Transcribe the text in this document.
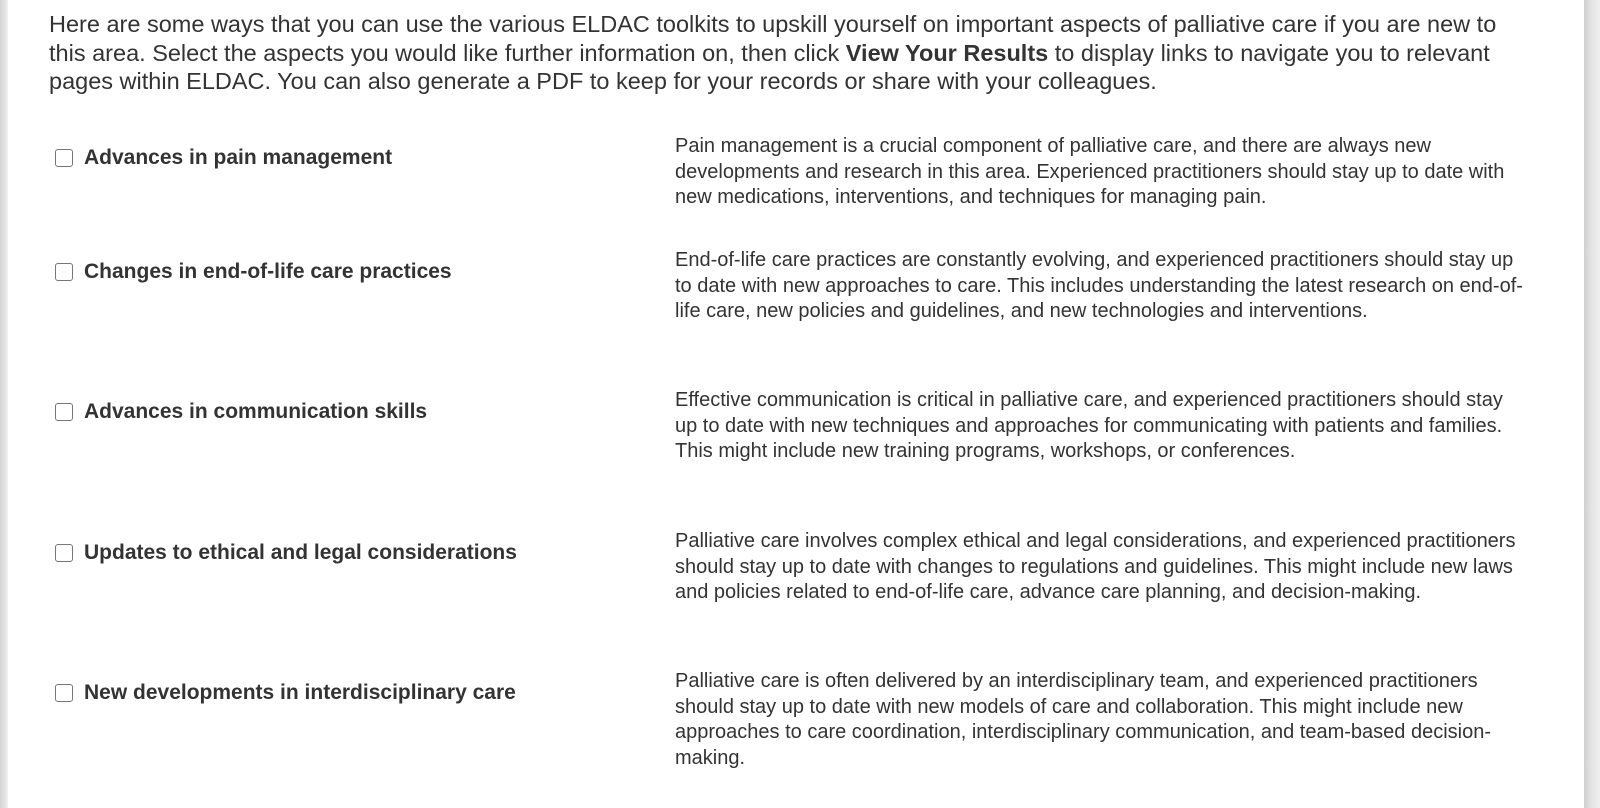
Here are some ways that you can use the various ELDAC toolkits to upskill yourself on important aspects of palliative care if you are new to this area. Select the aspects you would like further information on, then click View Your Results to display links to navigate you to relevant pages within ELDAC. You can also generate a PDF to keep for your records or share with your colleagues.

Advances in pain management	Pain management is a crucial component of palliative care, and there are always new developments and research in this area. Experienced practitioners should stay up to date with new medications, interventions, and techniques for managing pain.

Changes in end-of-life care practices	End-of-life care practices are constantly evolving, and experienced practitioners should stay up to date with new approaches to care. This includes understanding the latest research on end-of-life care, new policies and guidelines, and new technologies and interventions.

Advances in communication skills	Effective communication is critical in palliative care, and experienced practitioners should stay up to date with new techniques and approaches for communicating with patients and families. This might include new training programs, workshops, or conferences.

Updates to ethical and legal considerations	Palliative care involves complex ethical and legal considerations, and experienced practitioners should stay up to date with changes to regulations and guidelines. This might include new laws and policies related to end-of-life care, advance care planning, and decision-making.

New developments in interdisciplinary care	Palliative care is often delivered by an interdisciplinary team, and experienced practitioners should stay up to date with new models of care and collaboration. This might include new approaches to care coordination, interdisciplinary communication, and team-based decision-making.
